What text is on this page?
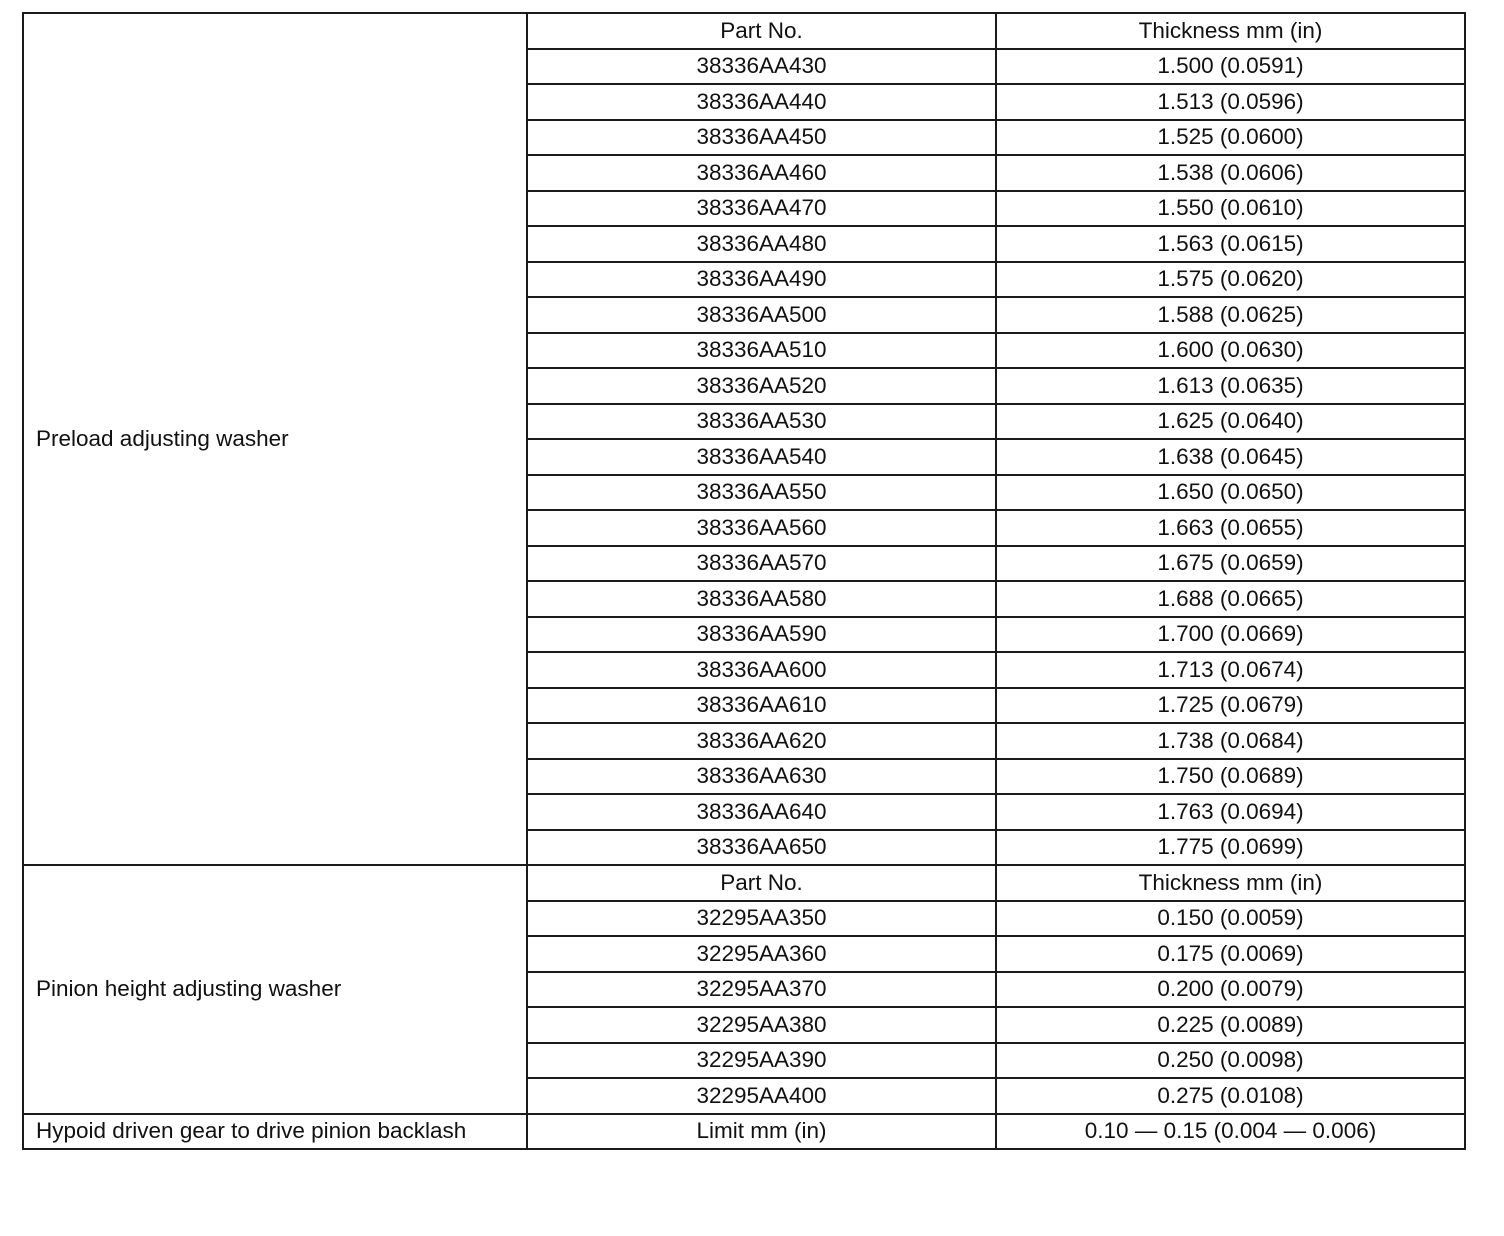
Preload adjusting washer	Part No.	Thickness mm (in)
	38336AA430	1.500 (0.0591)
	38336AA440	1.513 (0.0596)
	38336AA450	1.525 (0.0600)
	38336AA460	1.538 (0.0606)
	38336AA470	1.550 (0.0610)
	38336AA480	1.563 (0.0615)
	38336AA490	1.575 (0.0620)
	38336AA500	1.588 (0.0625)
	38336AA510	1.600 (0.0630)
	38336AA520	1.613 (0.0635)
	38336AA530	1.625 (0.0640)
	38336AA540	1.638 (0.0645)
	38336AA550	1.650 (0.0650)
	38336AA560	1.663 (0.0655)
	38336AA570	1.675 (0.0659)
	38336AA580	1.688 (0.0665)
	38336AA590	1.700 (0.0669)
	38336AA600	1.713 (0.0674)
	38336AA610	1.725 (0.0679)
	38336AA620	1.738 (0.0684)
	38336AA630	1.750 (0.0689)
	38336AA640	1.763 (0.0694)
	38336AA650	1.775 (0.0699)
Pinion height adjusting washer	Part No.	Thickness mm (in)
	32295AA350	0.150 (0.0059)
	32295AA360	0.175 (0.0069)
	32295AA370	0.200 (0.0079)
	32295AA380	0.225 (0.0089)
	32295AA390	0.250 (0.0098)
	32295AA400	0.275 (0.0108)
Hypoid driven gear to drive pinion backlash	Limit mm (in)	0.10 — 0.15 (0.004 — 0.006)
